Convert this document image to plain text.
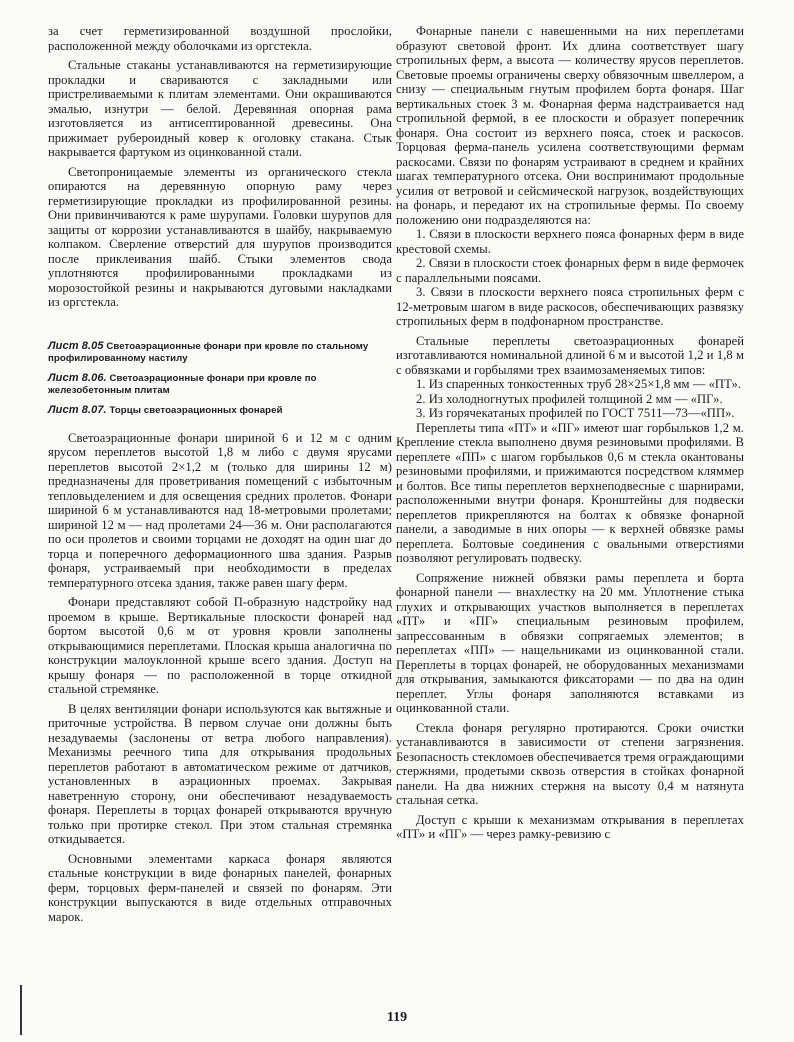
за счет герметизированной воздушной прослойки, расположенной между оболочками из оргстекла.

Стальные стаканы устанавливаются на герметизирующие прокладки и свариваются с закладными или пристреливаемыми к плитам элементами. Они окрашиваются эмалью, изнутри — белой. Деревянная опорная рама изготовляется из антисептированной древесины. Она прижимает рубероидный ковер к оголовку стакана. Стык накрывается фартуком из оцинкованной стали.

Светопроницаемые элементы из органического стекла опираются на деревянную опорную раму через герметизирующие прокладки из профилированной резины. Они привинчиваются к раме шурупами. Головки шурупов для защиты от коррозии устанавливаются в шайбу, накрываемую колпаком. Сверление отверстий для шурупов производится после приклеивания шайб. Стыки элементов свода уплотняются профилированными прокладками из морозостойкой резины и накрываются дуговыми накладками из оргстекла.

Лист 8.05 Светоаэрационные фонари при кровле по стальному профилированному настилу

Лист 8.06. Светоаэрационные фонари при кровле по железобетонным плитам

Лист 8.07. Торцы светоаэрационных фонарей

Светоаэрационные фонари шириной 6 и 12 м с одним ярусом переплетов высотой 1,8 м либо с двумя ярусами переплетов высотой 2×1,2 м (только для ширины 12 м) предназначены для проветривания помещений с избыточным тепловыделением и для освещения средних пролетов. Фонари шириной 6 м устанавливаются над 18-метровыми пролетами; шириной 12 м — над пролетами 24—36 м. Они располагаются по оси пролетов и своими торцами не доходят на один шаг до торца и поперечного деформационного шва здания. Разрыв фонаря, устраиваемый при необходимости в пределах температурного отсека здания, также равен шагу ферм.

Фонари представляют собой П-образную надстройку над проемом в крыше. Вертикальные плоскости фонарей над бортом высотой 0,6 м от уровня кровли заполнены открывающимися переплетами. Плоская крыша аналогична по конструкции малоуклонной крыше всего здания. Доступ на крышу фонаря — по расположенной в торце откидной стальной стремянке.

В целях вентиляции фонари используются как вытяжные и приточные устройства. В первом случае они должны быть незадуваемы (заслонены от ветра любого направления). Механизмы реечного типа для открывания продольных переплетов работают в автоматическом режиме от датчиков, установленных в аэрационных проемах. Закрывая наветренную сторону, они обеспечивают незадуваемость фонаря. Переплеты в торцах фонарей открываются вручную только при протирке стекол. При этом стальная стремянка откидывается.

Основными элементами каркаса фонаря являются стальные конструкции в виде фонарных панелей, фонарных ферм, торцовых ферм-панелей и связей по фонарям. Эти конструкции выпускаются в виде отдельных отправочных марок.

Фонарные панели с навешенными на них переплетами образуют световой фронт. Их длина соответствует шагу стропильных ферм, а высота — количеству ярусов переплетов. Световые проемы ограничены сверху обвязочным швеллером, а снизу — специальным гнутым профилем борта фонаря. Шаг вертикальных стоек 3 м. Фонарная ферма надстраивается над стропильной фермой, в ее плоскости и образует поперечник фонаря. Она состоит из верхнего пояса, стоек и раскосов. Торцовая ферма-панель усилена соответствующими фермам раскосами. Связи по фонарям устраивают в среднем и крайних шагах температурного отсека. Они воспринимают продольные усилия от ветровой и сейсмической нагрузок, воздействующих на фонарь, и передают их на стропильные фермы. По своему положению они подразделяются на:

1. Связи в плоскости верхнего пояса фонарных ферм в виде крестовой схемы.

2. Связи в плоскости стоек фонарных ферм в виде фермочек с параллельными поясами.

3. Связи в плоскости верхнего пояса стропильных ферм с 12-метровым шагом в виде раскосов, обеспечивающих развязку стропильных ферм в подфонарном пространстве.

Стальные переплеты светоаэрационных фонарей изготавливаются номинальной длиной 6 м и высотой 1,2 и 1,8 м с обвязками и горбылями трех взаимозаменяемых типов:

1. Из спаренных тонкостенных труб 28×25×1,8 мм — «ПТ».

2. Из холодногнутых профилей толщиной 2 мм — «ПГ».

3. Из горячекатаных профилей по ГОСТ 7511—73—«ПП».

Переплеты типа «ПТ» и «ПГ» имеют шаг горбыльков 1,2 м. Крепление стекла выполнено двумя резиновыми профилями. В переплете «ПП» с шагом горбыльков 0,6 м стекла окантованы резиновыми профилями, и прижимаются посредством кляммер и болтов. Все типы переплетов верхнеподвесные с шарнирами, расположенными внутри фонаря. Кронштейны для подвески переплетов прикрепляются на болтах к обвязке фонарной панели, а заводимые в них опоры — к верхней обвязке рамы переплета. Болтовые соединения с овальными отверстиями позволяют регулировать подвеску.

Сопряжение нижней обвязки рамы переплета и борта фонарной панели — внахлестку на 20 мм. Уплотнение стыка глухих и открывающих участков выполняется в переплетах «ПТ» и «ПГ» специальным резиновым профилем, запрессованным в обвязки сопрягаемых элементов; в переплетах «ПП» — нащельниками из оцинкованной стали. Переплеты в торцах фонарей, не оборудованных механизмами для открывания, замыкаются фиксаторами — по два на один переплет. Углы фонаря заполняются вставками из оцинкованной стали.

Стекла фонаря регулярно протираются. Сроки очистки устанавливаются в зависимости от степени загрязнения. Безопасность стекломоев обеспечивается тремя ограждающими стержнями, продетыми сквозь отверстия в стойках фонарной панели. На два нижних стержня на высоту 0,4 м натянута стальная сетка.

Доступ с крыши к механизмам открывания в переплетах «ПТ» и «ПГ» — через рамку-ревизию с

119
